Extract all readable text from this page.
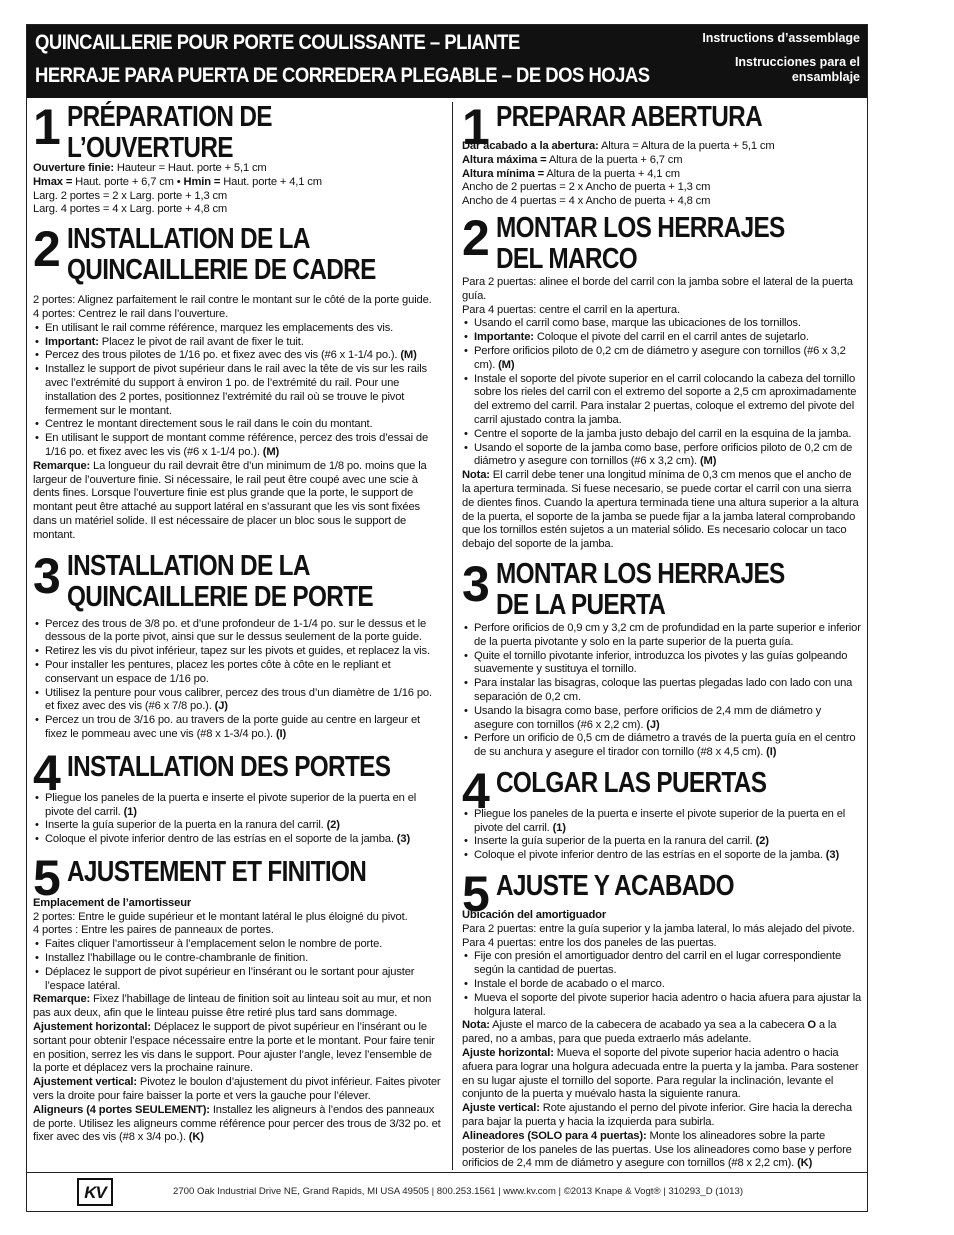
QUINCAILLERIE POUR PORTE COULISSANTE – PLIANTE
HERRAJE PARA PUERTA DE CORREDERA PLEGABLE – DE DOS HOJAS
Instructions d’assemblage
Instrucciones para el ensamblaje
1 PRÉPARATION DE
L’OUVERTURE

Ouverture finie: Hauteur = Haut. porte + 5,1 cm

Hmax = Haut. porte + 6,7 cm • Hmin = Haut. porte + 4,1 cm

Larg. 2 portes = 2 x Larg. porte + 1,3 cm

Larg. 4 portes = 4 x Larg. porte + 4,8 cm

2 INSTALLATION DE LA
QUINCAILLERIE DE CADRE

2 portes: Alignez parfaitement le rail contre le montant sur le côté de la porte guide.

4 portes: Centrez le rail dans l’ouverture.

• En utilisant le rail comme référence, marquez les emplacements des vis.
• Important: Placez le pivot de rail avant de fixer le tuit.
• Percez des trous pilotes de 1/16 po. et fixez avec des vis (#6 x 1-1/4 po.). (M)
• Installez le support de pivot supérieur dans le rail avec la tête de vis sur les rails avec l’extrémité du support à environ 1 po. de l’extrémité du rail. Pour une installation des 2 portes, positionnez l’extrémité du rail où se trouve le pivot fermement sur le montant.
• Centrez le montant directement sous le rail dans le coin du montant.
• En utilisant le support de montant comme référence, percez des trois d’essai de 1/16 po. et fixez avec les vis (#6 x 1-1/4 po.). (M)

Remarque: La longueur du rail devrait être d’un minimum de 1/8 po. moins que la largeur de l’ouverture finie. Si nécessaire, le rail peut être coupé avec une scie à dents fines. Lorsque l’ouverture finie est plus grande que la porte, le support de montant peut être attaché au support latéral en s’assurant que les vis sont fixées dans un matériel solide. Il est nécessaire de placer un bloc sous le support de montant.

3 INSTALLATION DE LA
QUINCAILLERIE DE PORTE
• Percez des trous de 3/8 po. et d’une profondeur de 1-1/4 po. sur le dessus et le dessous de la porte pivot, ainsi que sur le dessus seulement de la porte guide.
• Retirez les vis du pivot inférieur, tapez sur les pivots et guides, et replacez la vis.
• Pour installer les pentures, placez les portes côte à côte en le repliant et conservant un espace de 1/16 po.
• Utilisez la penture pour vous calibrer, percez des trous d’un diamètre de 1/16 po. et fixez avec des vis (#6 x 7/8 po.). (J)
• Percez un trou de 3/16 po. au travers de la porte guide au centre en largeur et fixez le pommeau avec une vis (#8 x 1-3/4 po.). (I)
4 INSTALLATION DES PORTES
• Pliegue los paneles de la puerta e inserte el pivote superior de la puerta en el pivote del carril. (1)
• Inserte la guía superior de la puerta en la ranura del carril. (2)
• Coloque el pivote inferior dentro de las estrías en el soporte de la jamba. (3)
5 AJUSTEMENT ET FINITION

Emplacement de l’amortisseur

2 portes: Entre le guide supérieur et le montant latéral le plus éloigné du pivot.

4 portes : Entre les paires de panneaux de portes.

• Faites cliquer l’amortisseur à l’emplacement selon le nombre de porte.
• Installez l’habillage ou le contre-chambranle de finition.
• Déplacez le support de pivot supérieur en l’insérant ou le sortant pour ajuster l’espace latéral.

Remarque: Fixez l’habillage de linteau de finition soit au linteau soit au mur, et non pas aux deux, afin que le linteau puisse être retiré plus tard sans dommage.

Ajustement horizontal: Déplacez le support de pivot supérieur en l’insérant ou le sortant pour obtenir l’espace nécessaire entre la porte et le montant. Pour faire tenir en position, serrez les vis dans le support. Pour ajuster l’angle, levez l’ensemble de la porte et déplacez vers la prochaine rainure.

Ajustement vertical: Pivotez le boulon d’ajustement du pivot inférieur. Faites pivoter vers la droite pour faire baisser la porte et vers la gauche pour l’élever.

Aligneurs (4 portes SEULEMENT): Installez les aligneurs à l’endos des panneaux de porte. Utilisez les aligneurs comme référence pour percer des trous de 3/32 po. et fixer avec des vis (#8 x 3/4 po.). (K)

1 PREPARAR ABERTURA

Dar acabado a la abertura: Altura = Altura de la puerta + 5,1 cm

Altura máxima = Altura de la puerta + 6,7 cm

Altura mínima = Altura de la puerta + 4,1 cm

Ancho de 2 puertas = 2 x Ancho de puerta + 1,3 cm

Ancho de 4 puertas = 4 x Ancho de puerta + 4,8 cm

2 MONTAR LOS HERRAJES
DEL MARCO

Para 2 puertas: alinee el borde del carril con la jamba sobre el lateral de la puerta guía.

Para 4 puertas: centre el carril en la apertura.

• Usando el carril como base, marque las ubicaciones de los tornillos.
• Importante: Coloque el pivote del carril en el carril antes de sujetarlo.
• Perfore orificios piloto de 0,2 cm de diámetro y asegure con tornillos (#6 x 3,2 cm). (M)
• Instale el soporte del pivote superior en el carril colocando la cabeza del tornillo sobre los rieles del carril con el extremo del soporte a 2,5 cm aproximadamente del extremo del carril. Para instalar 2 puertas, coloque el extremo del pivote del carril ajustado contra la jamba.
• Centre el soporte de la jamba justo debajo del carril en la esquina de la jamba.
• Usando el soporte de la jamba como base, perfore orificios piloto de 0,2 cm de diámetro y asegure con tornillos (#6 x 3,2 cm). (M)

Nota: El carril debe tener una longitud mínima de 0,3 cm menos que el ancho de la apertura terminada. Si fuese necesario, se puede cortar el carril con una sierra de dientes finos. Cuando la apertura terminada tiene una altura superior a la altura de la puerta, el soporte de la jamba se puede fijar a la jamba lateral comprobando que los tornillos estén sujetos a un material sólido. Es necesario colocar un taco debajo del soporte de la jamba.

3 MONTAR LOS HERRAJES
DE LA PUERTA
• Perfore orificios de 0,9 cm y 3,2 cm de profundidad en la parte superior e inferior de la puerta pivotante y solo en la parte superior de la puerta guía.
• Quite el tornillo pivotante inferior, introduzca los pivotes y las guías golpeando suavemente y sustituya el tornillo.
• Para instalar las bisagras, coloque las puertas plegadas lado con lado con una separación de 0,2 cm.
• Usando la bisagra como base, perfore orificios de 2,4 mm de diámetro y asegure con tornillos (#6 x 2,2 cm). (J)
• Perfore un orificio de 0,5 cm de diámetro a través de la puerta guía en el centro de su anchura y asegure el tirador con tornillo (#8 x 4,5 cm). (I)
4 COLGAR LAS PUERTAS
• Pliegue los paneles de la puerta e inserte el pivote superior de la puerta en el pivote del carril. (1)
• Inserte la guía superior de la puerta en la ranura del carril. (2)
• Coloque el pivote inferior dentro de las estrías en el soporte de la jamba. (3)
5 AJUSTE Y ACABADO

Ubicación del amortiguador

Para 2 puertas: entre la guía superior y la jamba lateral, lo más alejado del pivote.

Para 4 puertas: entre los dos paneles de las puertas.

• Fije con presión el amortiguador dentro del carril en el lugar correspondiente según la cantidad de puertas.
• Instale el borde de acabado o el marco.
• Mueva el soporte del pivote superior hacia adentro o hacia afuera para ajustar la holgura lateral.

Nota: Ajuste el marco de la cabecera de acabado ya sea a la cabecera O a la pared, no a ambas, para que pueda extraerlo más adelante.

Ajuste horizontal: Mueva el soporte del pivote superior hacia adentro o hacia afuera para lograr una holgura adecuada entre la puerta y la jamba. Para sostener en su lugar ajuste el tornillo del soporte. Para regular la inclinación, levante el conjunto de la puerta y muévalo hasta la siguiente ranura.

Ajuste vertical: Rote ajustando el perno del pivote inferior. Gire hacia la derecha para bajar la puerta y hacia la izquierda para subirla.

Alineadores (SOLO para 4 puertas): Monte los alineadores sobre la parte posterior de los paneles de las puertas. Use los alineadores como base y perfore orificios de 2,4 mm de diámetro y asegure con tornillos (#8 x 2,2 cm). (K)

KV	2700 Oak Industrial Drive NE, Grand Rapids, MI USA 49505 | 800.253.1561 | www.kv.com | ©2013 Knape & Vogt® | 310293_D (1013)
